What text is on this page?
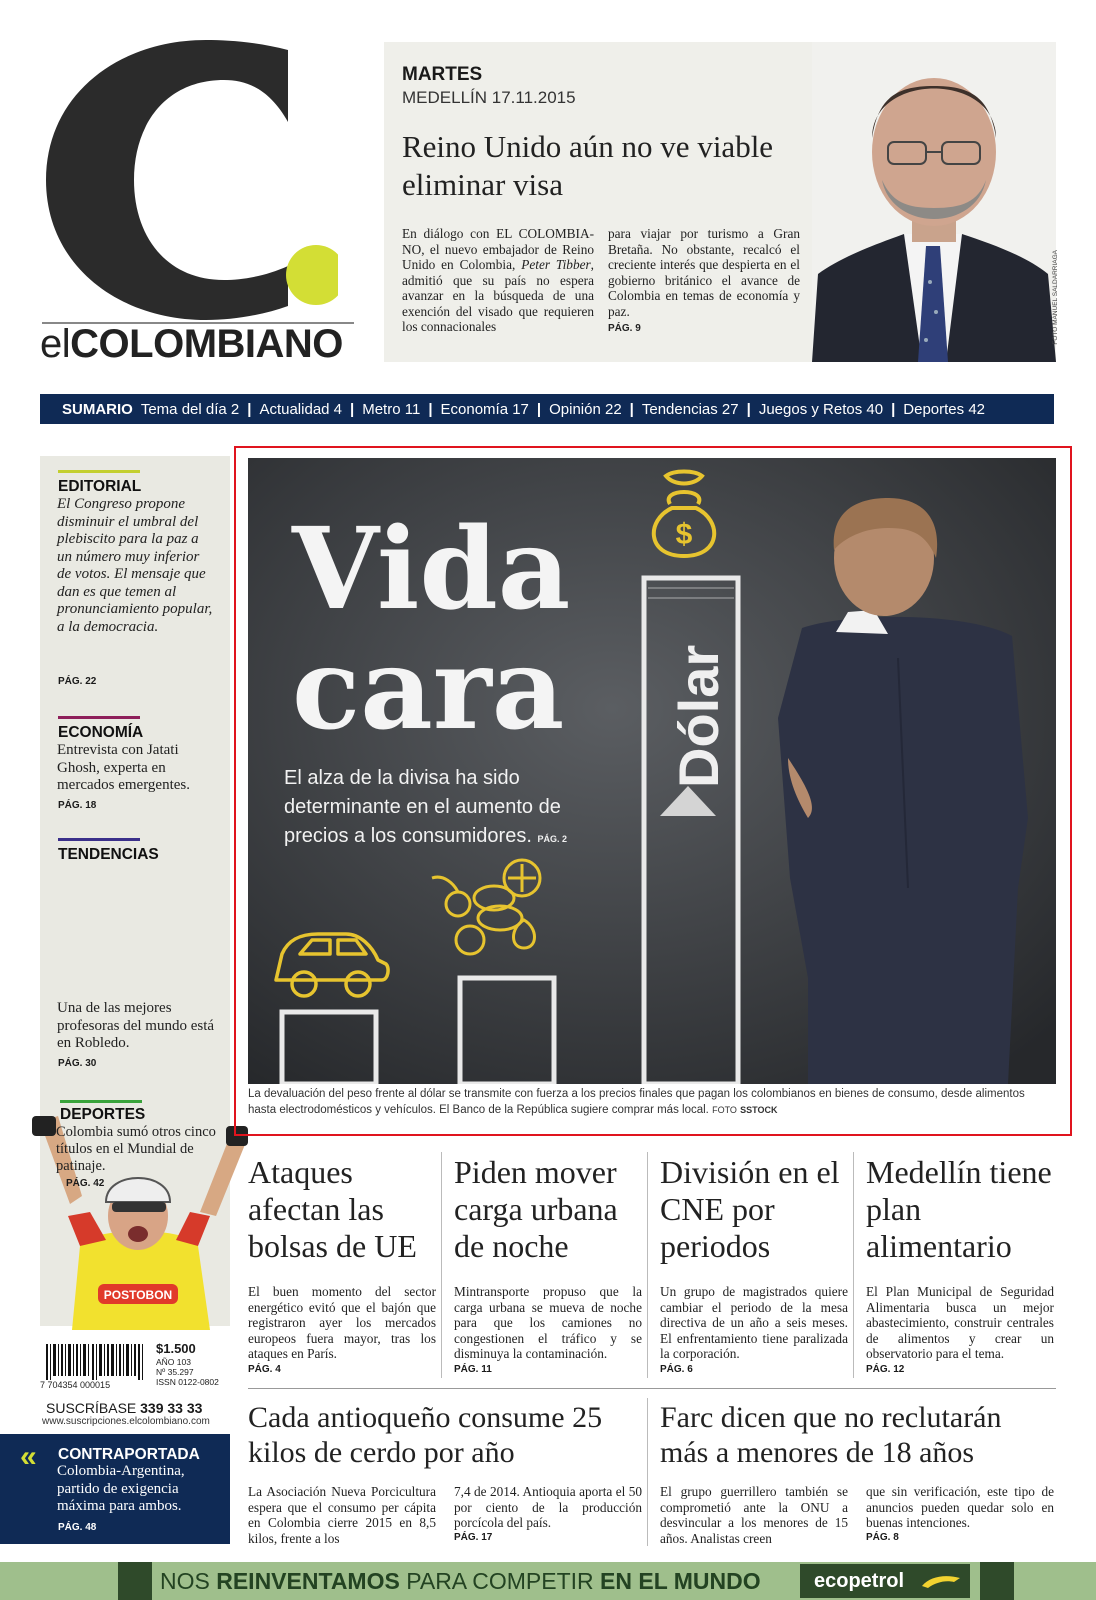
elCOLOMBIANO
MARTES
MEDELLÍN 17.11.2015
Reino Unido aún no ve viable eliminar visa
En diálogo con EL COLOMBIA-NO, el nuevo embajador de Reino Unido en Colombia, Peter Tibber, admitió que su país no espera avanzar en la búsqueda de una exención del visado que requieren los connacionales
para viajar por turismo a Gran Bretaña. No obstante, recalcó el creciente interés que despierta en el gobierno británico el avance de Colombia en temas de economía y paz.
PÁG. 9	FOTO MANUEL SALDARRIAGA
SUMARIO Tema del día 2 | Actualidad 4 | Metro 11 | Economía 17 | Opinión 22 | Tendencias 27 | Juegos y Retos 40 | Deportes 42
EDITORIAL
El Congreso propone disminuir el umbral del plebiscito para la paz a un número muy inferior de votos. El mensaje que dan es que temen al pronunciamiento popular, a la democracia.
PÁG. 22
ECONOMÍA
Entrevista con Jatati Ghosh, experta en mercados emergentes.
PÁG. 18
TENDENCIAS
Una de las mejores profesoras del mundo está en Robledo.
PÁG. 30
DEPORTES
POSTOBON
Colombia sumó otros cinco títulos en el Mundial de patinaje.
PÁG. 42
7 704354 000015
$1.500
AÑO 103
Nº 35.297
ISSN 0122-0802
SUSCRÍBASE 339 33 33
www.suscripciones.elcolombiano.com
« CONTRAPORTADA
Colombia-Argentina, partido de exigencia máxima para ambos.
PÁG. 48
$
Dólar
Vida
cara
El alza de la divisa ha sido determinante en el aumento de precios a los consumidores. PÁG. 2
La devaluación del peso frente al dólar se transmite con fuerza a los precios finales que pagan los colombianos en bienes de consumo, desde alimentos hasta electrodomésticos y vehículos. El Banco de la República sugiere comprar más local. FOTO SSTOCK
Ataques afectan las bolsas de UE
El buen momento del sector energético evitó que el bajón que registraron ayer los mercados europeos fuera mayor, tras los ataques en París.
PÁG. 4
Piden mover carga urbana de noche
Mintransporte propuso que la carga urbana se mueva de noche para que los camiones no congestionen el tráfico y se disminuya la contaminación.
PÁG. 11
División en el CNE por periodos
Un grupo de magistrados quiere cambiar el periodo de la mesa directiva de un año a seis meses. El enfrentamiento tiene paralizada la corporación.
PÁG. 6
Medellín tiene plan alimentario
El Plan Municipal de Seguridad Alimentaria busca un mejor abastecimiento, construir centrales de alimentos y crear un observatorio para el tema.
PÁG. 12
Cada antioqueño consume 25 kilos de cerdo por año
La Asociación Nueva Porcicultura espera que el consumo per cápita en Colombia cierre 2015 en 8,5 kilos, frente a los
7,4 de 2014. Antioquia aporta el 50 por ciento de la producción porcícola del país.
PÁG. 17
Farc dicen que no reclutarán más a menores de 18 años
El grupo guerrillero también se comprometió ante la ONU a desvincular a los menores de 15 años. Analistas creen
que sin verificación, este tipo de anuncios pueden quedar solo en buenas intenciones.
PÁG. 8
NOS REINVENTAMOS PARA COMPETIR EN EL MUNDO	ecopetrol
